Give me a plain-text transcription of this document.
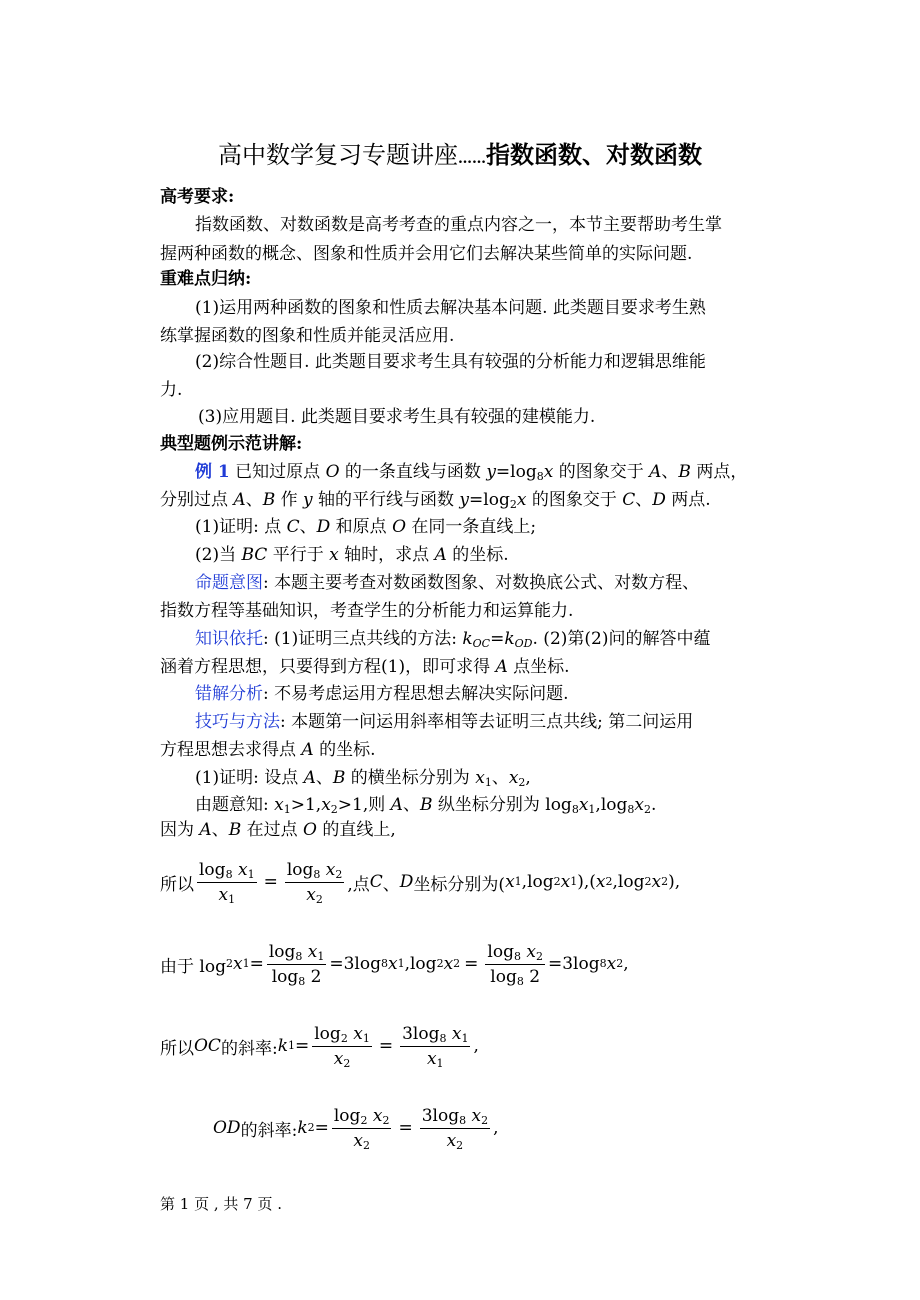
高中数学复习专题讲座……指数函数、对数函数
高考要求:
指数函数、对数函数是高考考查的重点内容之一，本节主要帮助考生掌
握两种函数的概念、图象和性质并会用它们去解决某些简单的实际问题.
重难点归纳:
(1)运用两种函数的图象和性质去解决基本问题. 此类题目要求考生熟
练掌握函数的图象和性质并能灵活应用.
(2)综合性题目. 此类题目要求考生具有较强的分析能力和逻辑思维能
力.
(3)应用题目. 此类题目要求考生具有较强的建模能力.
典型题例示范讲解:
例 1 已知过原点 O 的一条直线与函数 $y=\log_8x$ 的图象交于 A、B 两点，
分别过点 A、B 作 y 轴的平行线与函数 $y=\log_2x$ 的图象交于 C、D 两点.
(1)证明: 点 C、D 和原点 O 在同一条直线上;
(2)当 BC 平行于 x 轴时，求点 A 的坐标.
命题意图: 本题主要考查对数函数图象、对数换底公式、对数方程、
指数方程等基础知识，考查学生的分析能力和运算能力.
知识依托: (1)证明三点共线的方法: $k_{OC}=k_{OD}$. (2)第(2)问的解答中蕴
涵着方程思想，只要得到方程(1)，即可求得 A 点坐标.
错解分析: 不易考虑运用方程思想去解决实际问题.
技巧与方法: 本题第一问运用斜率相等去证明三点共线; 第二问运用
方程思想去求得点 A 的坐标.
(1)证明: 设点 A、B 的横坐标分别为 $x_1$、$x_2$,
由题意知: $x_1>1,x_2>1$,则 A、B 纵坐标分别为 $\log_8x_1,\log_8x_2$.
因为 A、B 在过点 O 的直线上,
所以 $\frac{\log_8 x_1}{x_1} = \frac{\log_8 x_2}{x_2}$ ,点 C 、 D 坐标分别为( x 1 ,log 2 x 1 ),( x 2 ,log 2 x 2 ),
由于 log 2 x $1 = \frac{\log_8 x_1}{\log_8 2} =3\log$ 8 x 1 ,log 2 x $2 = \frac{\log_8 x_2}{\log_8 2} =3\log$ 8 x 2 ,
所以 OC 的斜率: k $1 = \frac{\log_2 x_1}{x_2} = \frac{3\log_8 x_1}{x_1}$ ,
OD 的斜率: k $2 = \frac{\log_2 x_2}{x_2} = \frac{3\log_8 x_2}{x_2}$ ,
第 1 页 , 共 7 页 .
